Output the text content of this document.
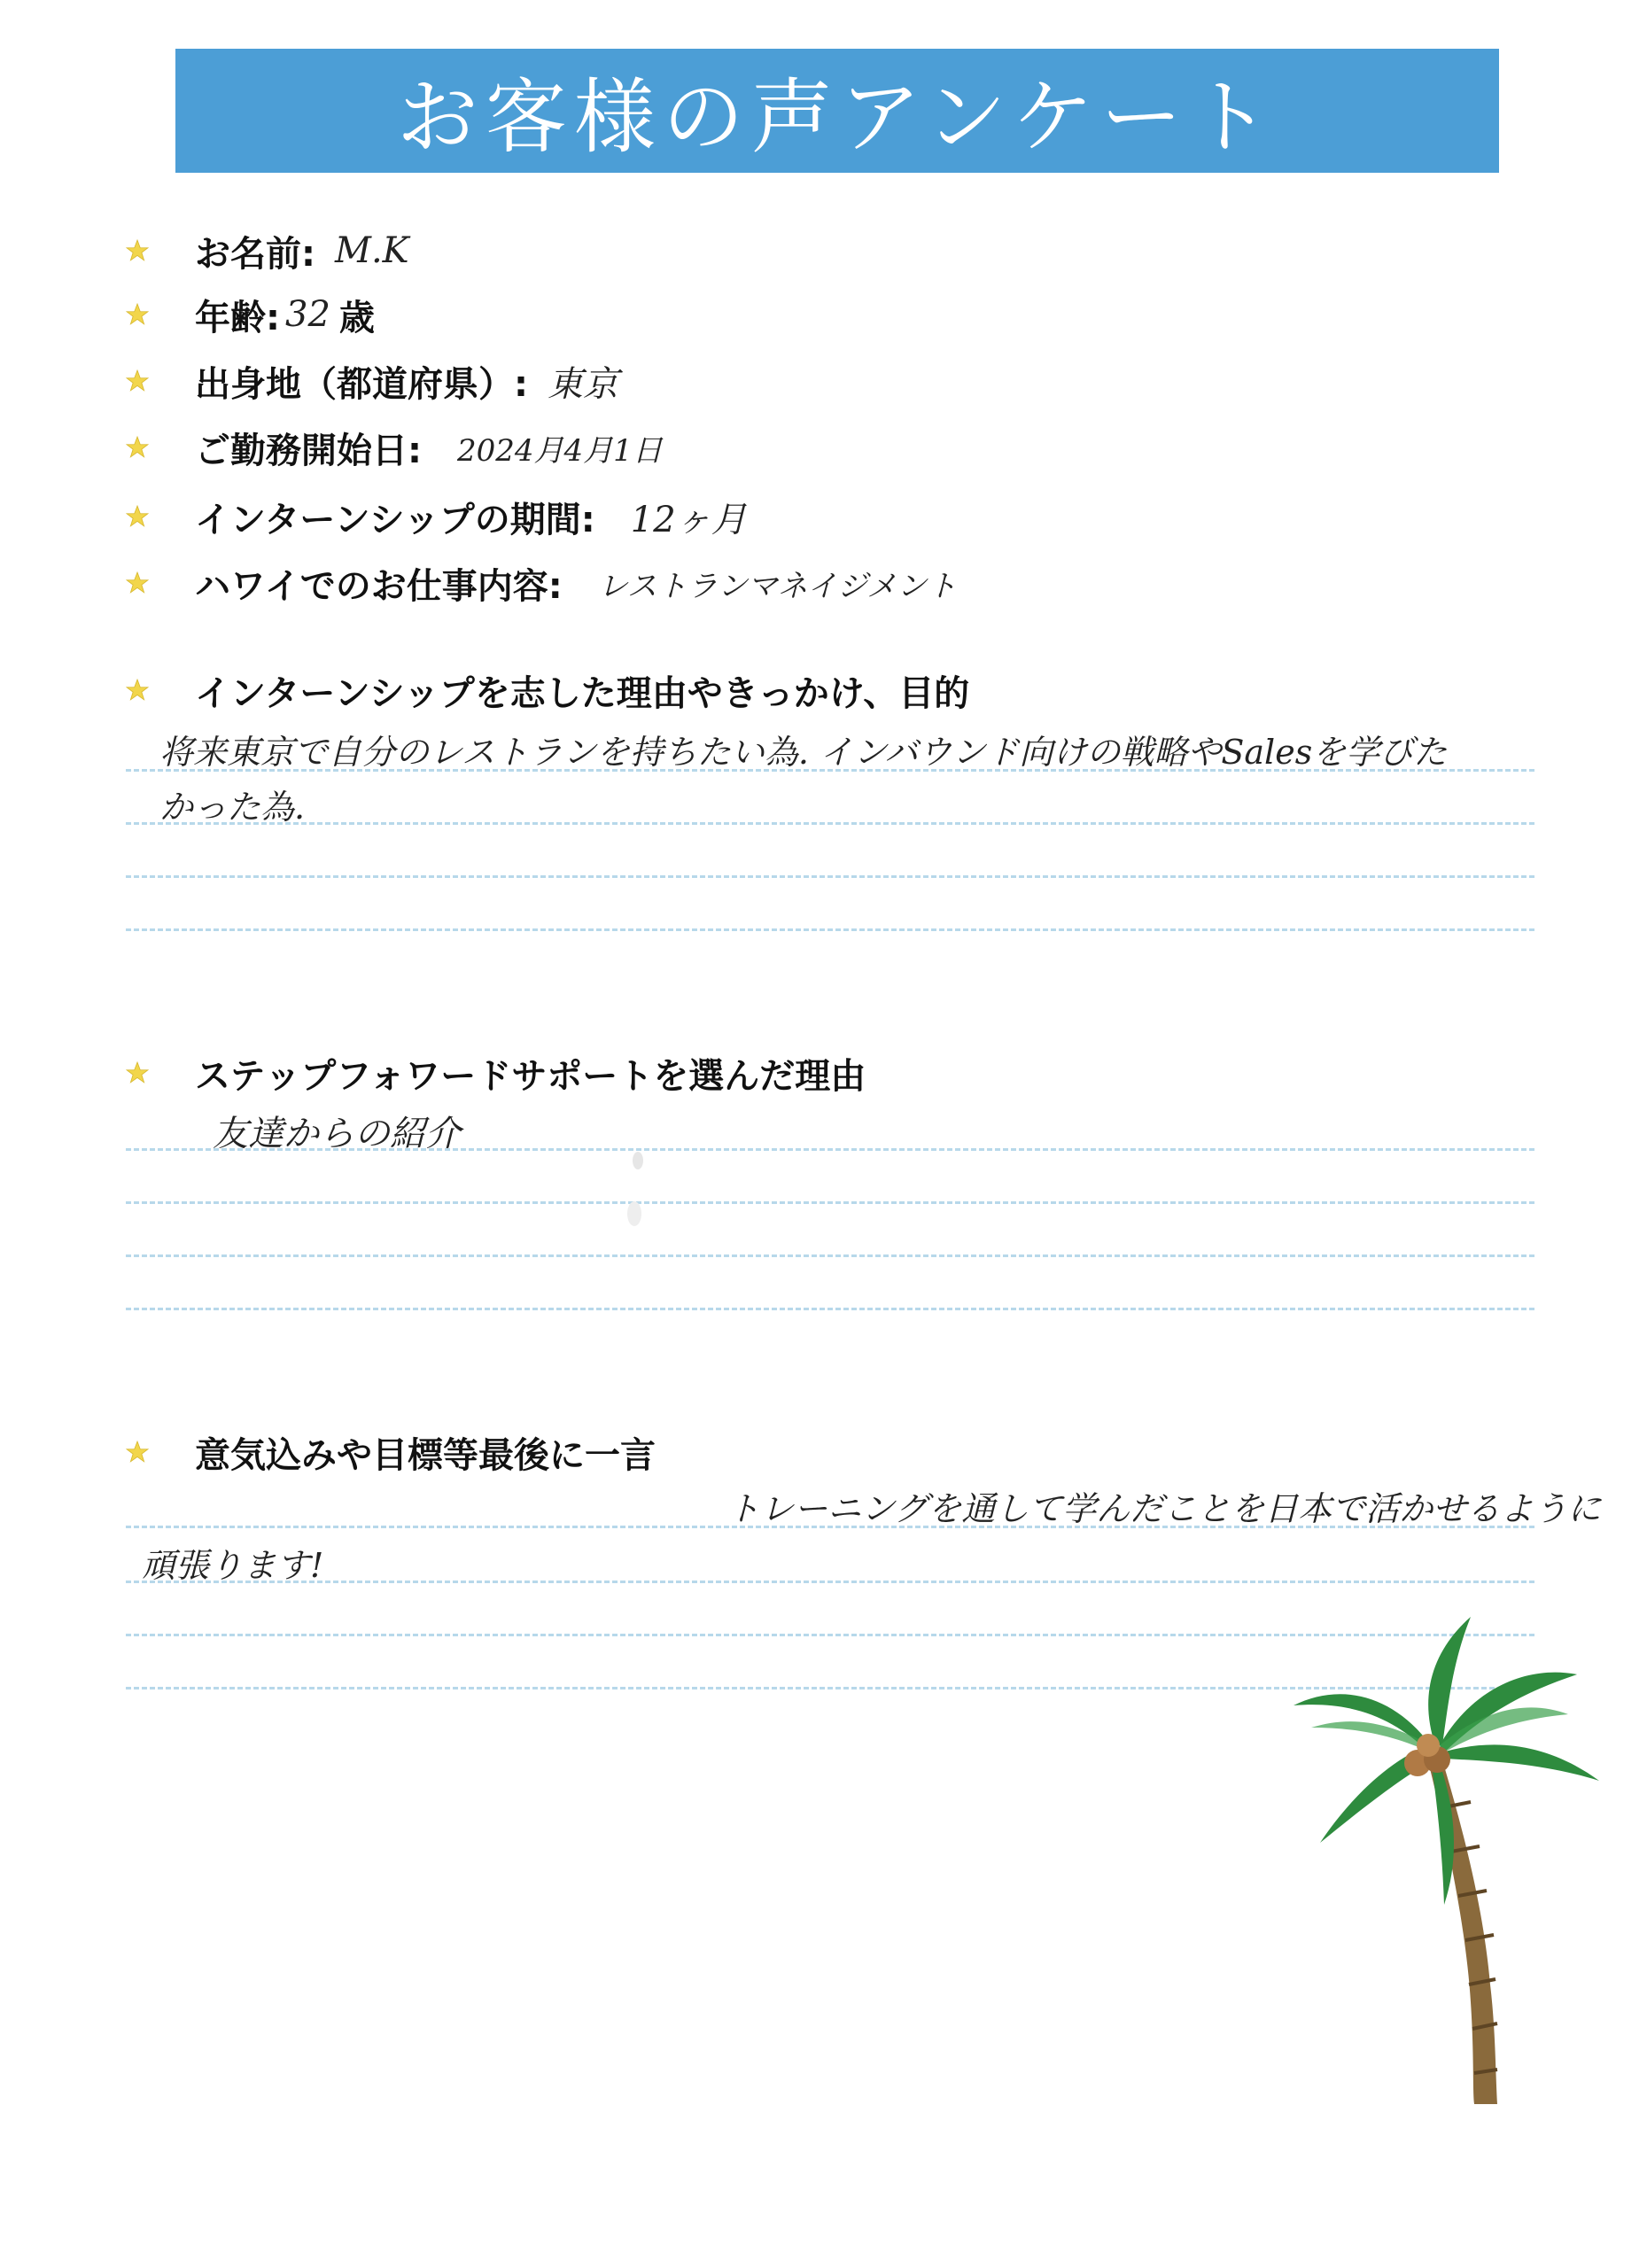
お客様の声アンケート
お名前: M.K
年齢: 32 歳
出身地（都道府県）: 東京
ご勤務開始日: 2024月4月1日
インターンシップの期間: 12ヶ月
ハワイでのお仕事内容: レストランマネイジメント
インターンシップを志した理由やきっかけ、目的
将来東京で自分のレストランを持ちたい為. インバウンド向けの戦略やSalesを学びた
かった為.
ステップフォワードサポートを選んだ理由
友達からの紹介
意気込みや目標等最後に一言
トレーニングを通して学んだことを日本で活かせるように
頑張ります!
